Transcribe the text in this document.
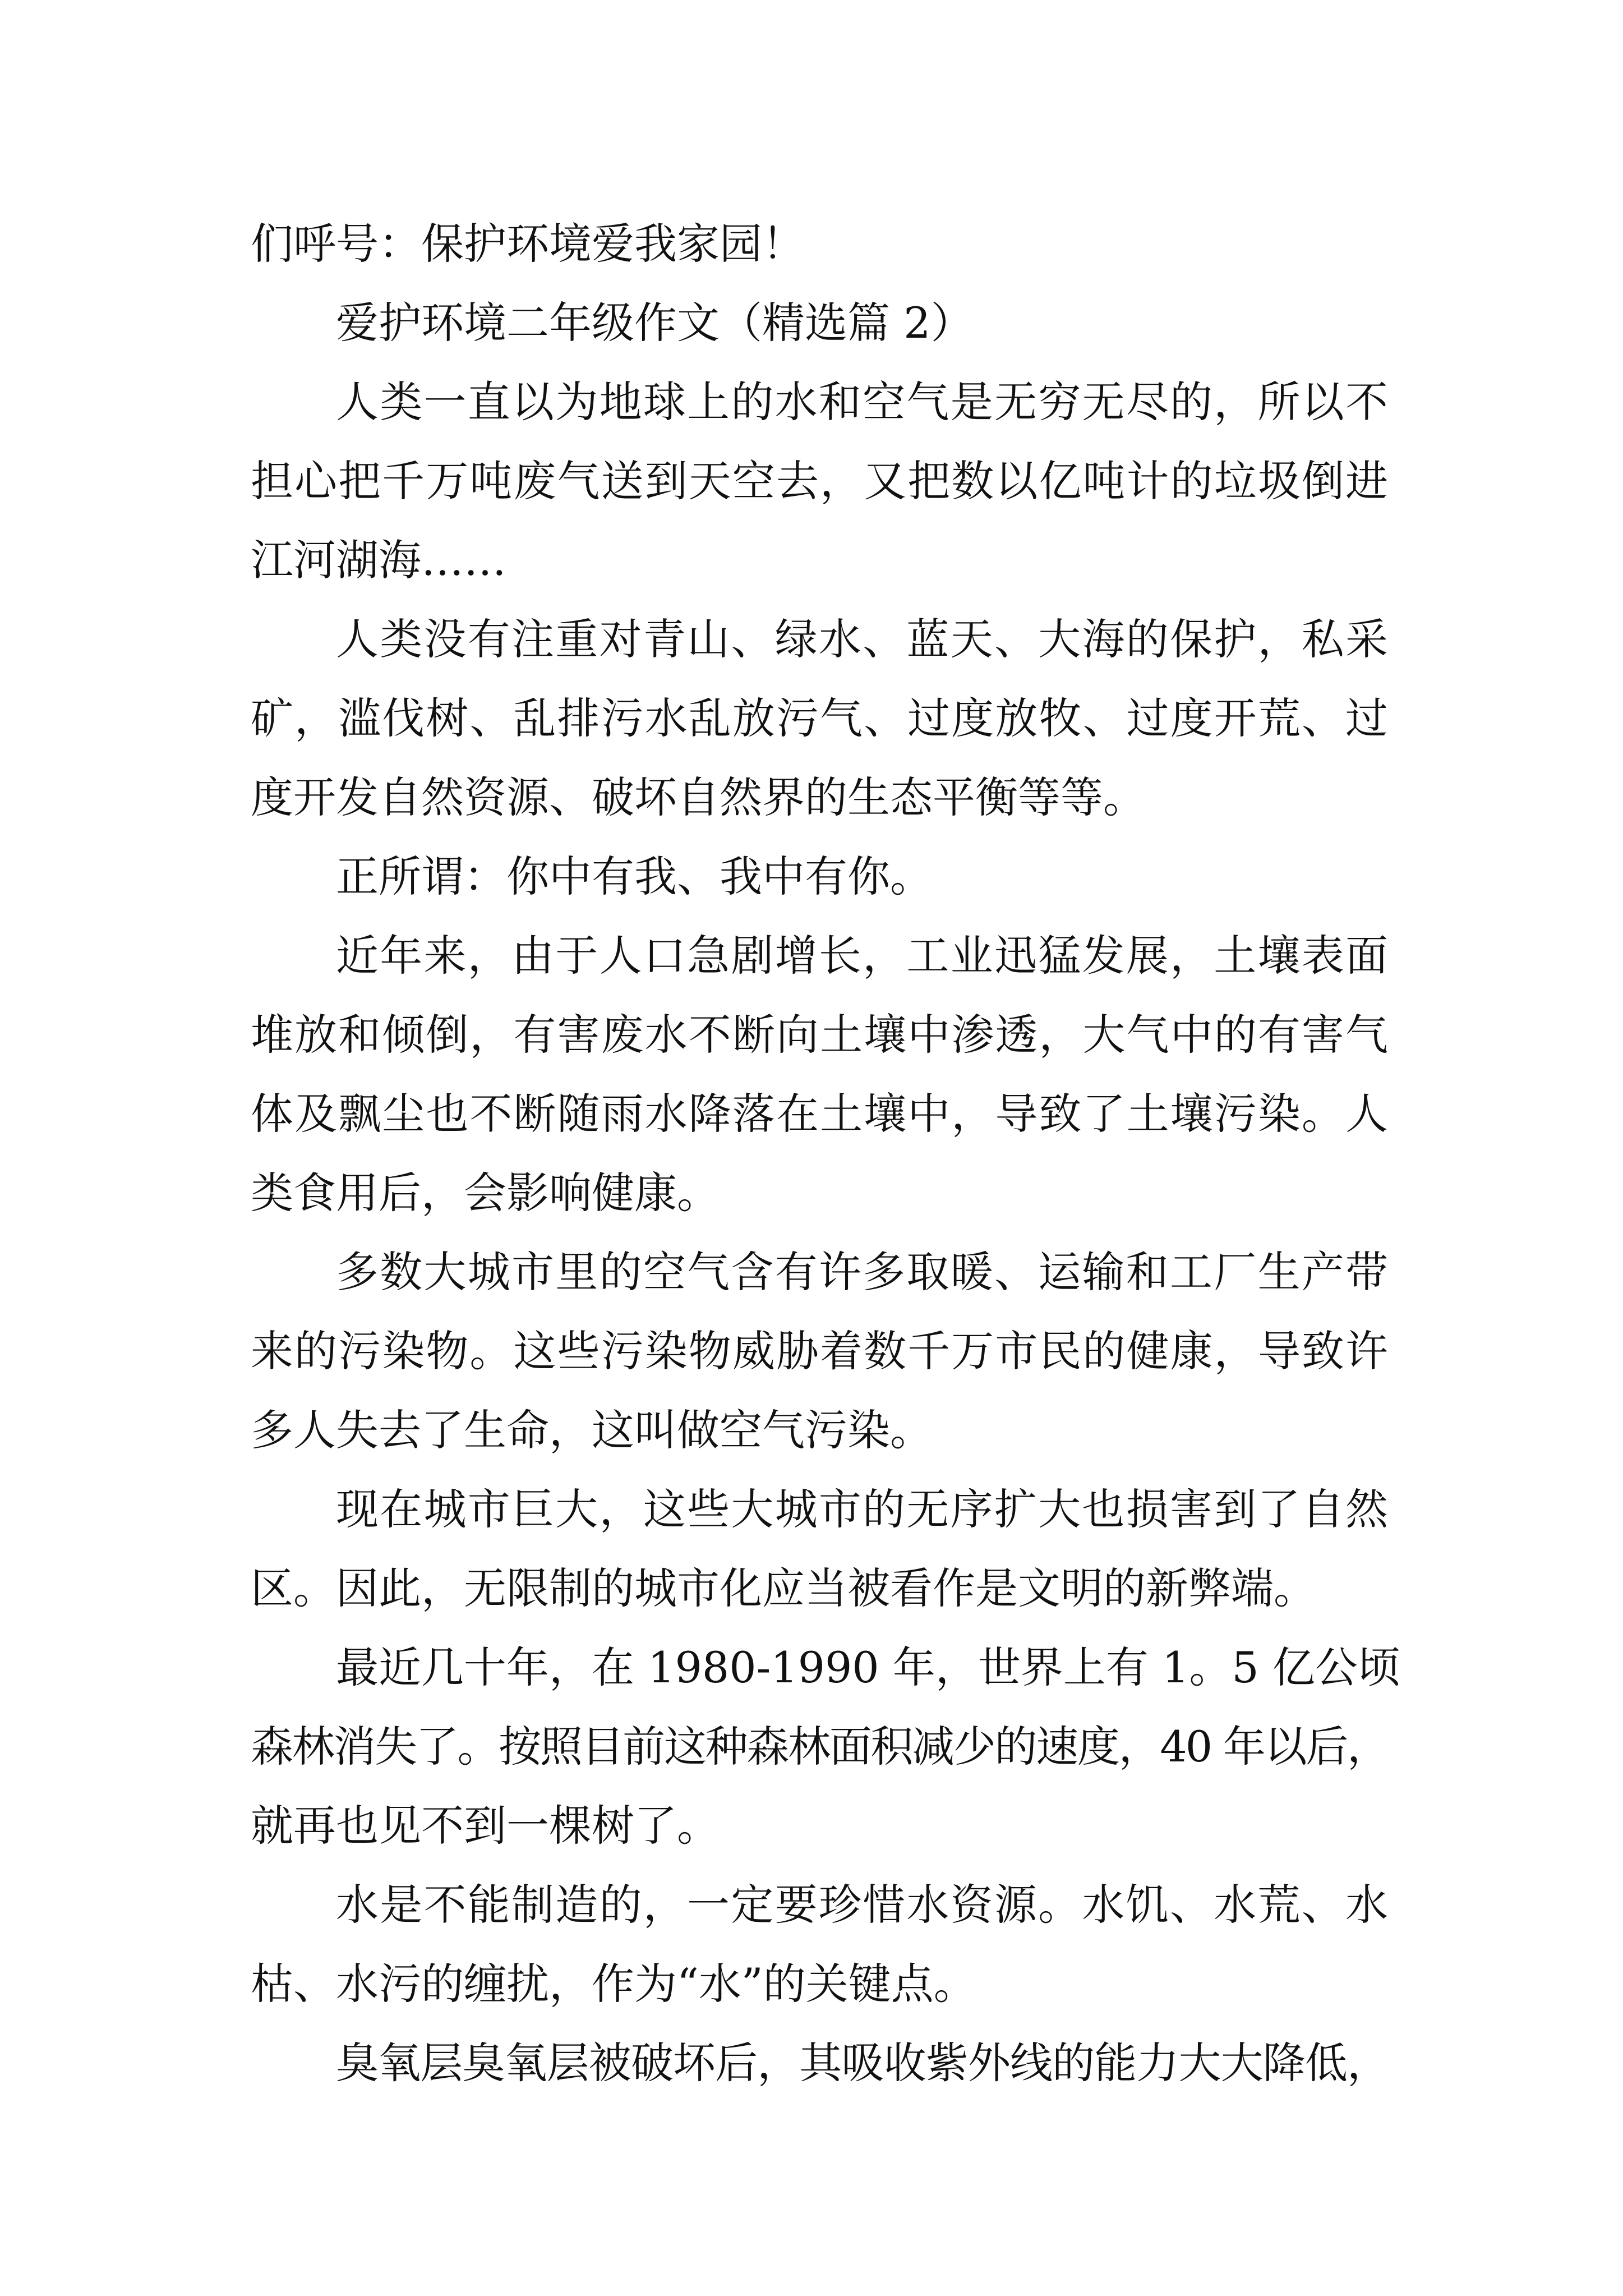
们呼号：保护环境爱我家园！
爱护环境二年级作文（精选篇 2）
人类一直以为地球上的水和空气是无穷无尽的，所以不
担心把千万吨废气送到天空去，又把数以亿吨计的垃圾倒进
江河湖海……
人类没有注重对青山、绿水、蓝天、大海的保护，私采
矿，滥伐树、乱排污水乱放污气、过度放牧、过度开荒、过
度开发自然资源、破坏自然界的生态平衡等等。
正所谓：你中有我、我中有你。
近年来，由于人口急剧增长，工业迅猛发展，土壤表面
堆放和倾倒，有害废水不断向土壤中渗透，大气中的有害气
体及飘尘也不断随雨水降落在土壤中，导致了土壤污染。人
类食用后，会影响健康。
多数大城市里的空气含有许多取暖、运输和工厂生产带
来的污染物。这些污染物威胁着数千万市民的健康，导致许
多人失去了生命，这叫做空气污染。
现在城市巨大，这些大城市的无序扩大也损害到了自然
区。因此，无限制的城市化应当被看作是文明的新弊端。
最近几十年，在 1980-1990 年，世界上有 1。5 亿公顷
森林消失了。按照目前这种森林面积减少的速度，40 年以后，
就再也见不到一棵树了。
水是不能制造的，一定要珍惜水资源。水饥、水荒、水
枯、水污的缠扰，作为“水”的关键点。
臭氧层臭氧层被破坏后，其吸收紫外线的能力大大降低，
